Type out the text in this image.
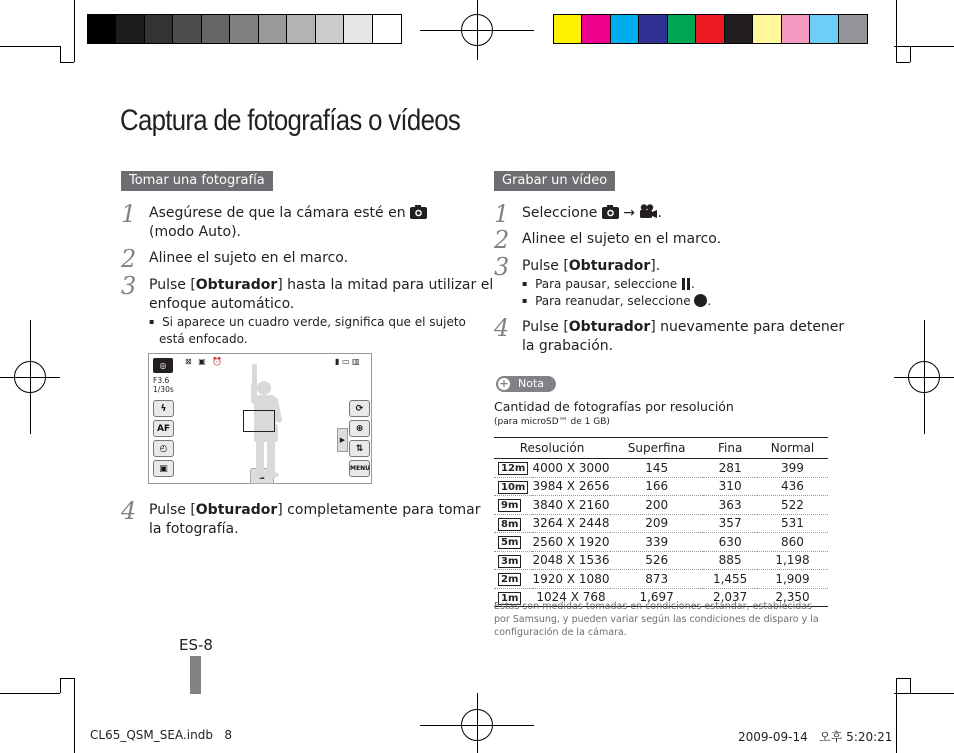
Captura de fotografías o vídeos
Tomar una fotografía
1 Asegúrese de que la cámara esté en
(modo Auto).
2 Alinee el sujeto en el marco.
3 Pulse [Obturador] hasta la mitad para utilizar el
enfoque automático.
▪ Si aparece un cuadro verde, significa que el sujeto
está enfocado.
◎	⊠ ▣ ⏰	▮ ▭ ▥
F3.6
1/30s
ϟ
AF
◴
▣
⟳
⊕
⇅
MENU
▶
4 Pulse [Obturador] completamente para tomar
la fotografía.
ES-8
Grabar un vídeo
1 Seleccione → .
2 Alinee el sujeto en el marco.
3 Pulse [Obturador].
▪ Para pausar, seleccione .
▪ Para reanudar, seleccione .
4 Pulse [Obturador] nuevamente para detener
la grabación.
+ Nota
Cantidad de fotografías por resolución
(para microSD™ de 1 GB)
Resolución		Superfina	Fina	Normal
12m	4000 X 3000	145	281	399
10m	3984 X 2656	166	310	436
9m	3840 X 2160	200	363	522
8m	3264 X 2448	209	357	531
5m	2560 X 1920	339	630	860
3m	2048 X 1536	526	885	1,198
2m	1920 X 1080	873	1,455	1,909
1m	1024 X 768	1,697	2,037	2,350
Estas son medidas tomadas en condiciones estándar, establecidas
por Samsung, y pueden variar según las condiciones de disparo y la
configuración de la cámara.
CL65_QSM_SEA.indb 8	2009-09-14   오후 5:20:21
